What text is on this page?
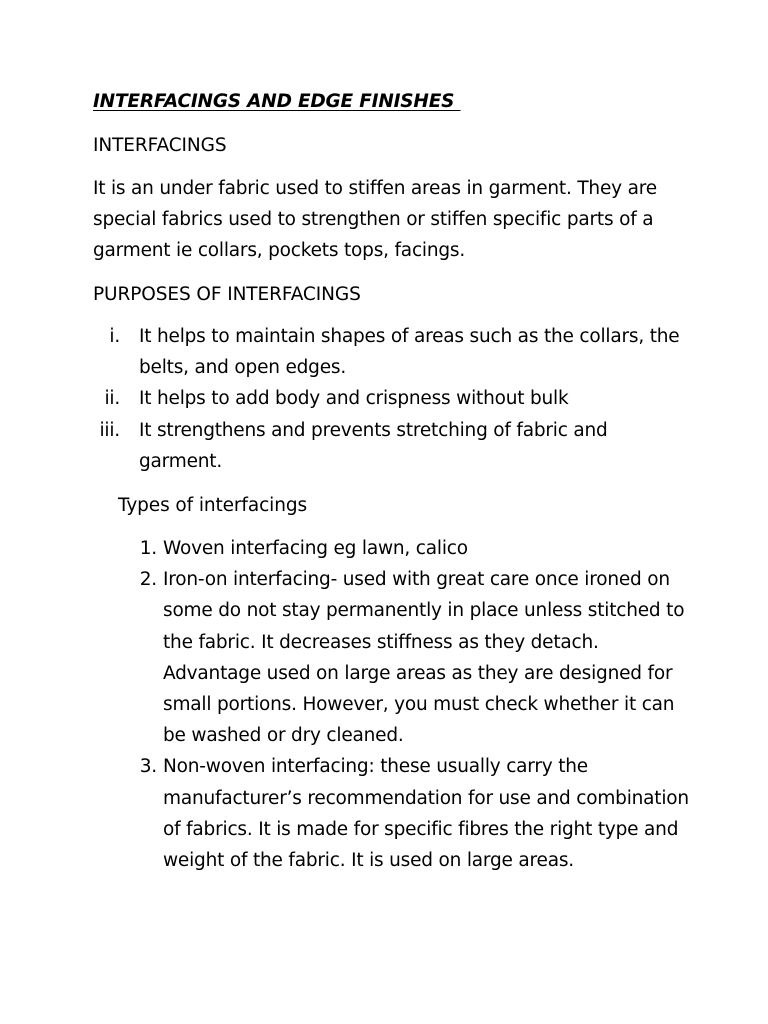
INTERFACINGS AND EDGE FINISHES
INTERFACINGS

It is an under fabric used to stiffen areas in garment. They are special fabrics used to strengthen or stiffen specific parts of a garment ie collars, pockets tops, facings.

PURPOSES OF INTERFACINGS
i. It helps to maintain shapes of areas such as the collars, the belts, and open edges.
ii. It helps to add body and crispness without bulk
iii. It strengthens and prevents stretching of fabric and garment.
Types of interfacings
1. Woven interfacing eg lawn, calico
2. Iron-on interfacing- used with great care once ironed on some do not stay permanently in place unless stitched to the fabric. It decreases stiffness as they detach. Advantage used on large areas as they are designed for small portions. However, you must check whether it can be washed or dry cleaned.
3. Non-woven interfacing: these usually carry the manufacturer’s recommendation for use and combination of fabrics. It is made for specific fibres the right type and weight of the fabric. It is used on large areas.
